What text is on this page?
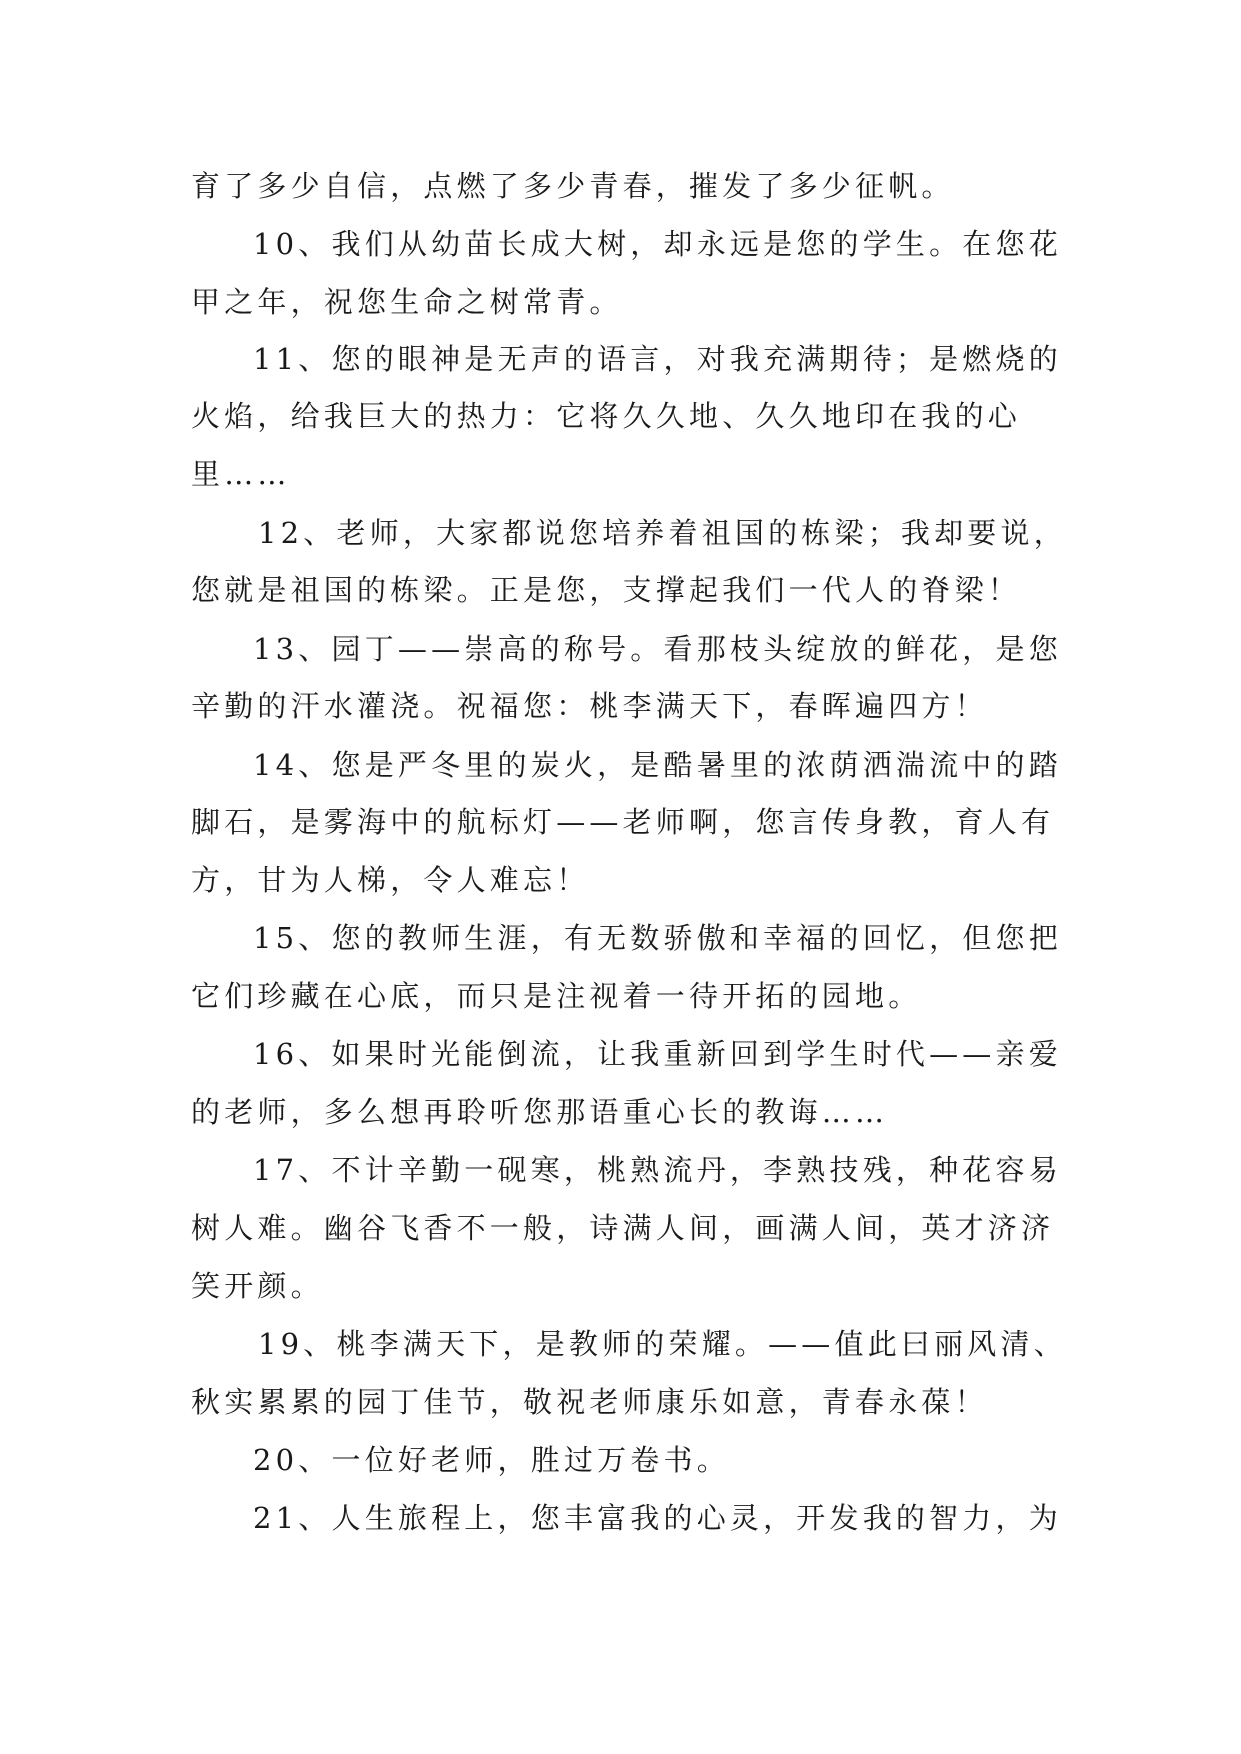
育了多少自信，点燃了多少青春，摧发了多少征帆。
10、我们从幼苗长成大树，却永远是您的学生。在您花
甲之年，祝您生命之树常青。
11、您的眼神是无声的语言，对我充满期待；是燃烧的
火焰，给我巨大的热力：它将久久地、久久地印在我的心
里……
12、老师，大家都说您培养着祖国的栋梁；我却要说，
您就是祖国的栋梁。正是您，支撑起我们一代人的脊梁！
13、园丁——崇高的称号。看那枝头绽放的鲜花，是您
辛勤的汗水灌浇。祝福您：桃李满天下，春晖遍四方！
14、您是严冬里的炭火，是酷暑里的浓荫洒湍流中的踏
脚石，是雾海中的航标灯——老师啊，您言传身教，育人有
方，甘为人梯，令人难忘！
15、您的教师生涯，有无数骄傲和幸福的回忆，但您把
它们珍藏在心底，而只是注视着一待开拓的园地。
16、如果时光能倒流，让我重新回到学生时代——亲爱
的老师，多么想再聆听您那语重心长的教诲……
17、不计辛勤一砚寒，桃熟流丹，李熟技残，种花容易
树人难。幽谷飞香不一般，诗满人间，画满人间，英才济济
笑开颜。
19、桃李满天下，是教师的荣耀。——值此曰丽风清、
秋实累累的园丁佳节，敬祝老师康乐如意，青春永葆！
20、一位好老师，胜过万卷书。
21、人生旅程上，您丰富我的心灵，开发我的智力，为
